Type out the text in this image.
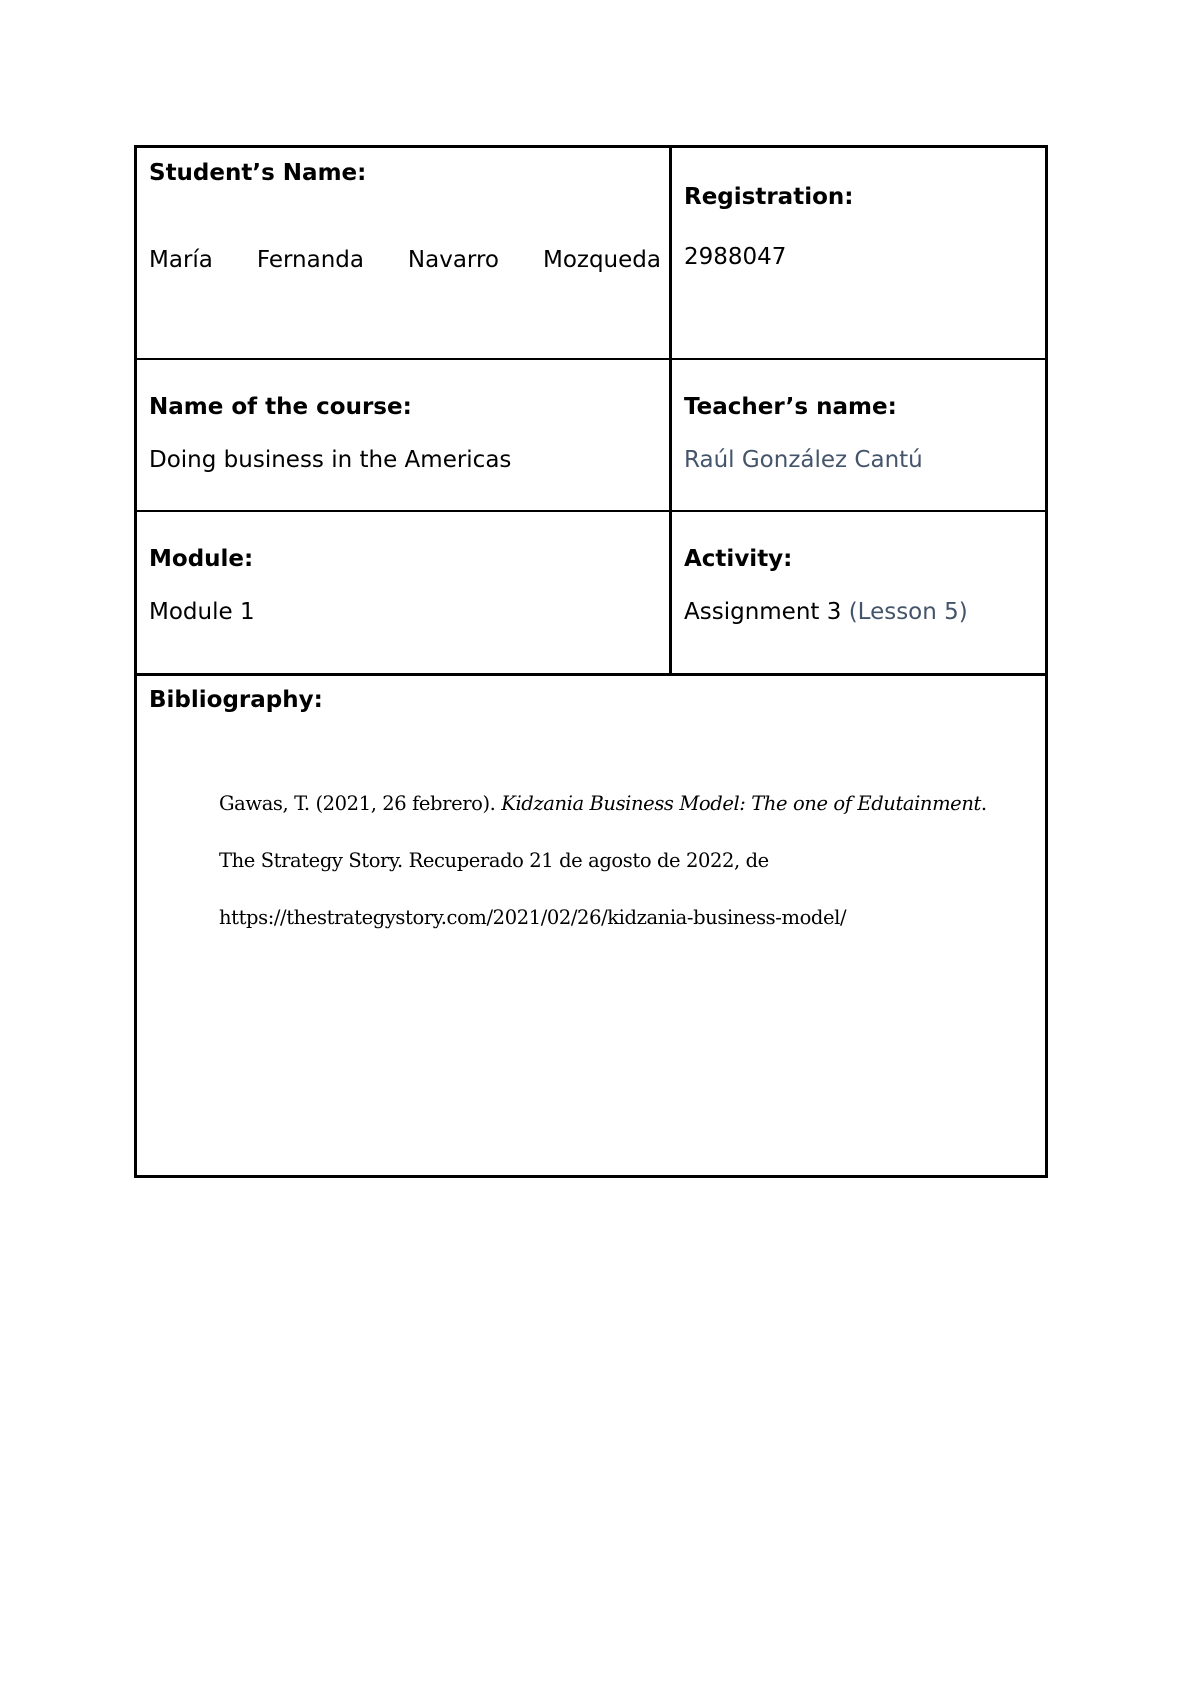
Student’s Name:
María Fernanda Navarro Mozqueda
Registration:
2988047
Name of the course:
Doing business in the Americas
Teacher’s name:
Raúl González Cantú
Module:
Module 1
Activity:
Assignment 3 (Lesson 5)
Bibliography:
Gawas, T. (2021, 26 febrero). Kidzania Business Model: The one of Edutainment.
The Strategy Story. Recuperado 21 de agosto de 2022, de
https://thestrategystory.com/2021/02/26/kidzania-business-model/
